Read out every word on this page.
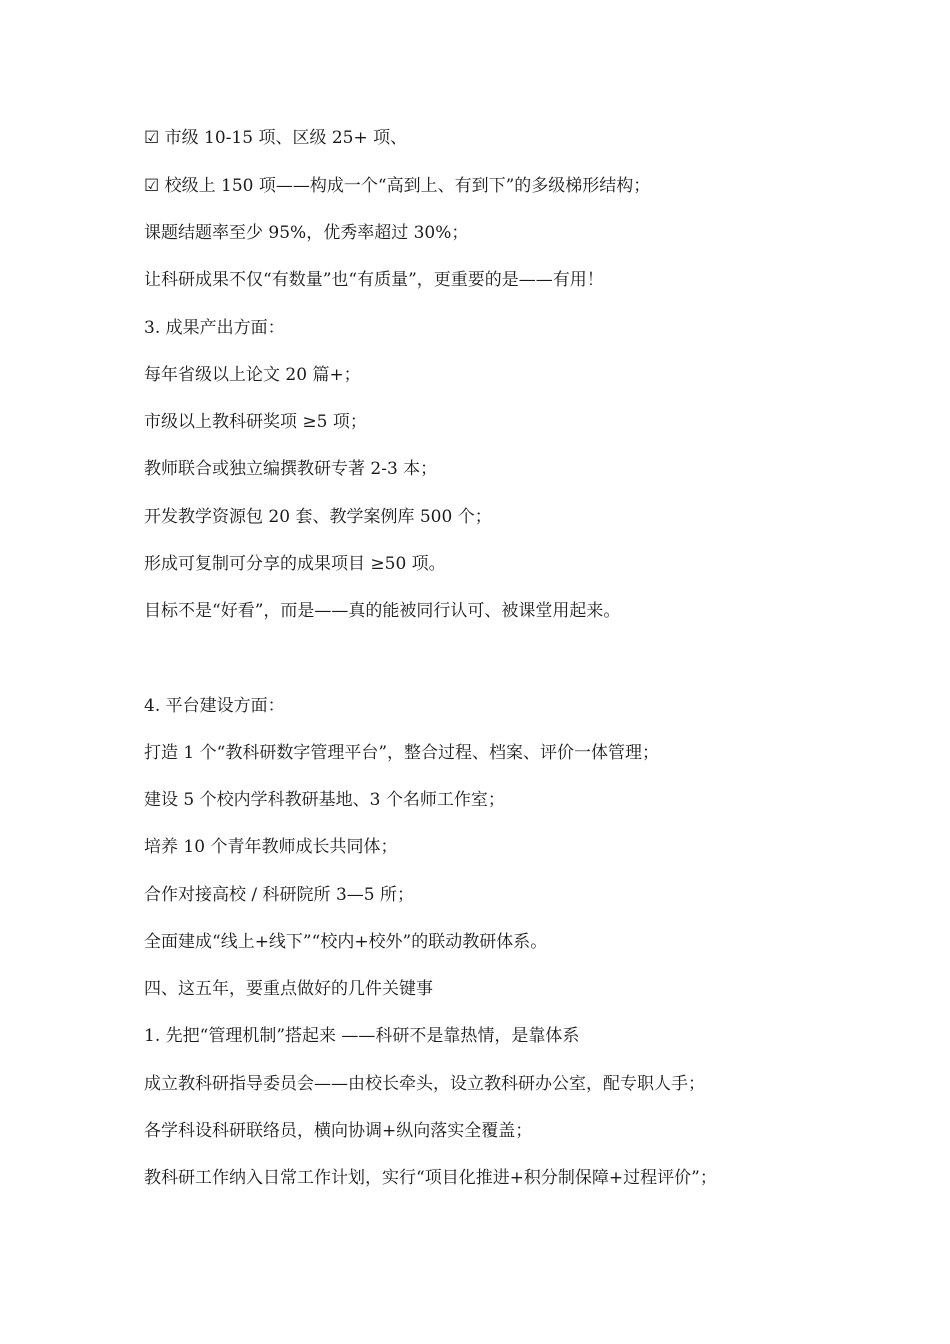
☑ 市级 10-15 项、区级 25+ 项、

☑ 校级上 150 项——构成一个“高到上、有到下”的多级梯形结构；

课题结题率至少 95%，优秀率超过 30%；

让科研成果不仅“有数量”也“有质量”，更重要的是——有用！

3. 成果产出方面：

每年省级以上论文 20 篇+；

市级以上教科研奖项 ≥5 项；

教师联合或独立编撰教研专著 2-3 本；

开发教学资源包 20 套、教学案例库 500 个；

形成可复制可分享的成果项目 ≥50 项。

目标不是“好看”，而是——真的能被同行认可、被课堂用起来。

4. 平台建设方面：

打造 1 个“教科研数字管理平台”，整合过程、档案、评价一体管理；

建设 5 个校内学科教研基地、3 个名师工作室；

培养 10 个青年教师成长共同体；

合作对接高校 / 科研院所 3—5 所；

全面建成“线上+线下”“校内+校外”的联动教研体系。

四、这五年，要重点做好的几件关键事

1. 先把“管理机制”搭起来 ——科研不是靠热情，是靠体系

成立教科研指导委员会——由校长牵头，设立教科研办公室，配专职人手；

各学科设科研联络员，横向协调+纵向落实全覆盖；

教科研工作纳入日常工作计划，实行“项目化推进+积分制保障+过程评价”；
